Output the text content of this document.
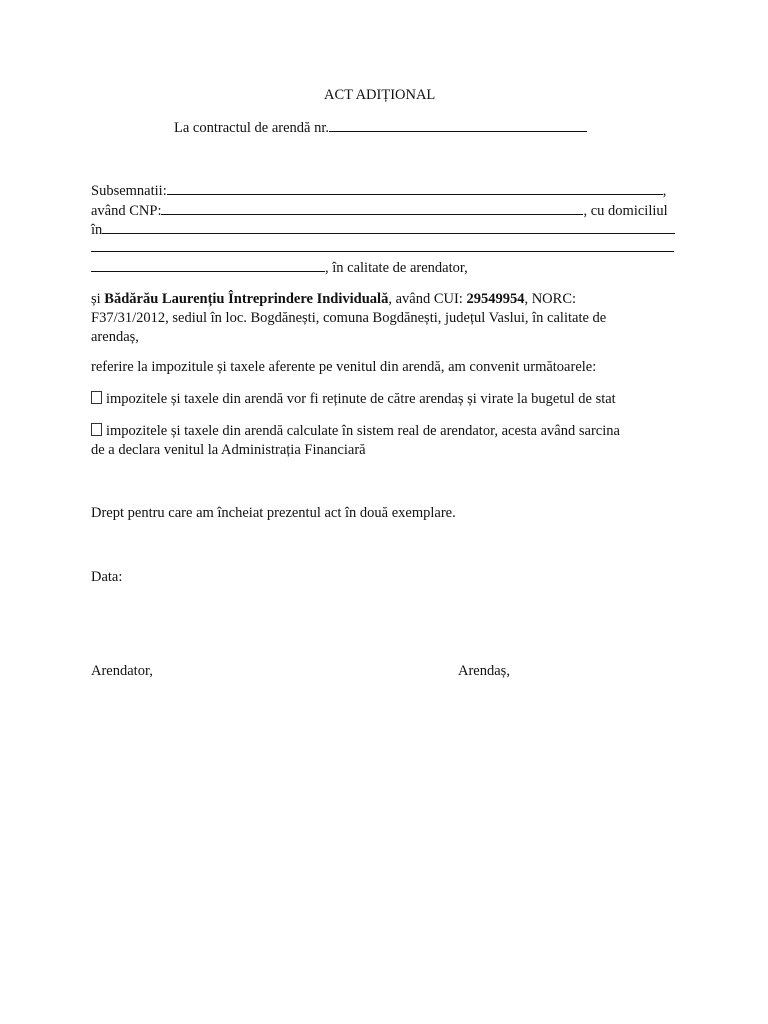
ACT ADIȚIONAL
La contractul de arendă nr.
Subsemnatii:	,
având CNP:	, cu domiciliul
în
, în calitate de arendator,
și Bădărău Laurențiu Întreprindere Individuală, având CUI: 29549954, NORC:
F37/31/2012, sediul în loc. Bogdănești, comuna Bogdănești, județul Vaslui, în calitate de
arendaș,
referire la impozitule și taxele aferente pe venitul din arendă, am convenit următoarele:
impozitele și taxele din arendă vor fi reținute de către arendaș și virate la bugetul de stat
impozitele și taxele din arendă calculate în sistem real de arendator, acesta având sarcina
de a declara venitul la Administrația Financiară
Drept pentru care am încheiat prezentul act în două exemplare.
Data:
Arendator,	Arendaș,
